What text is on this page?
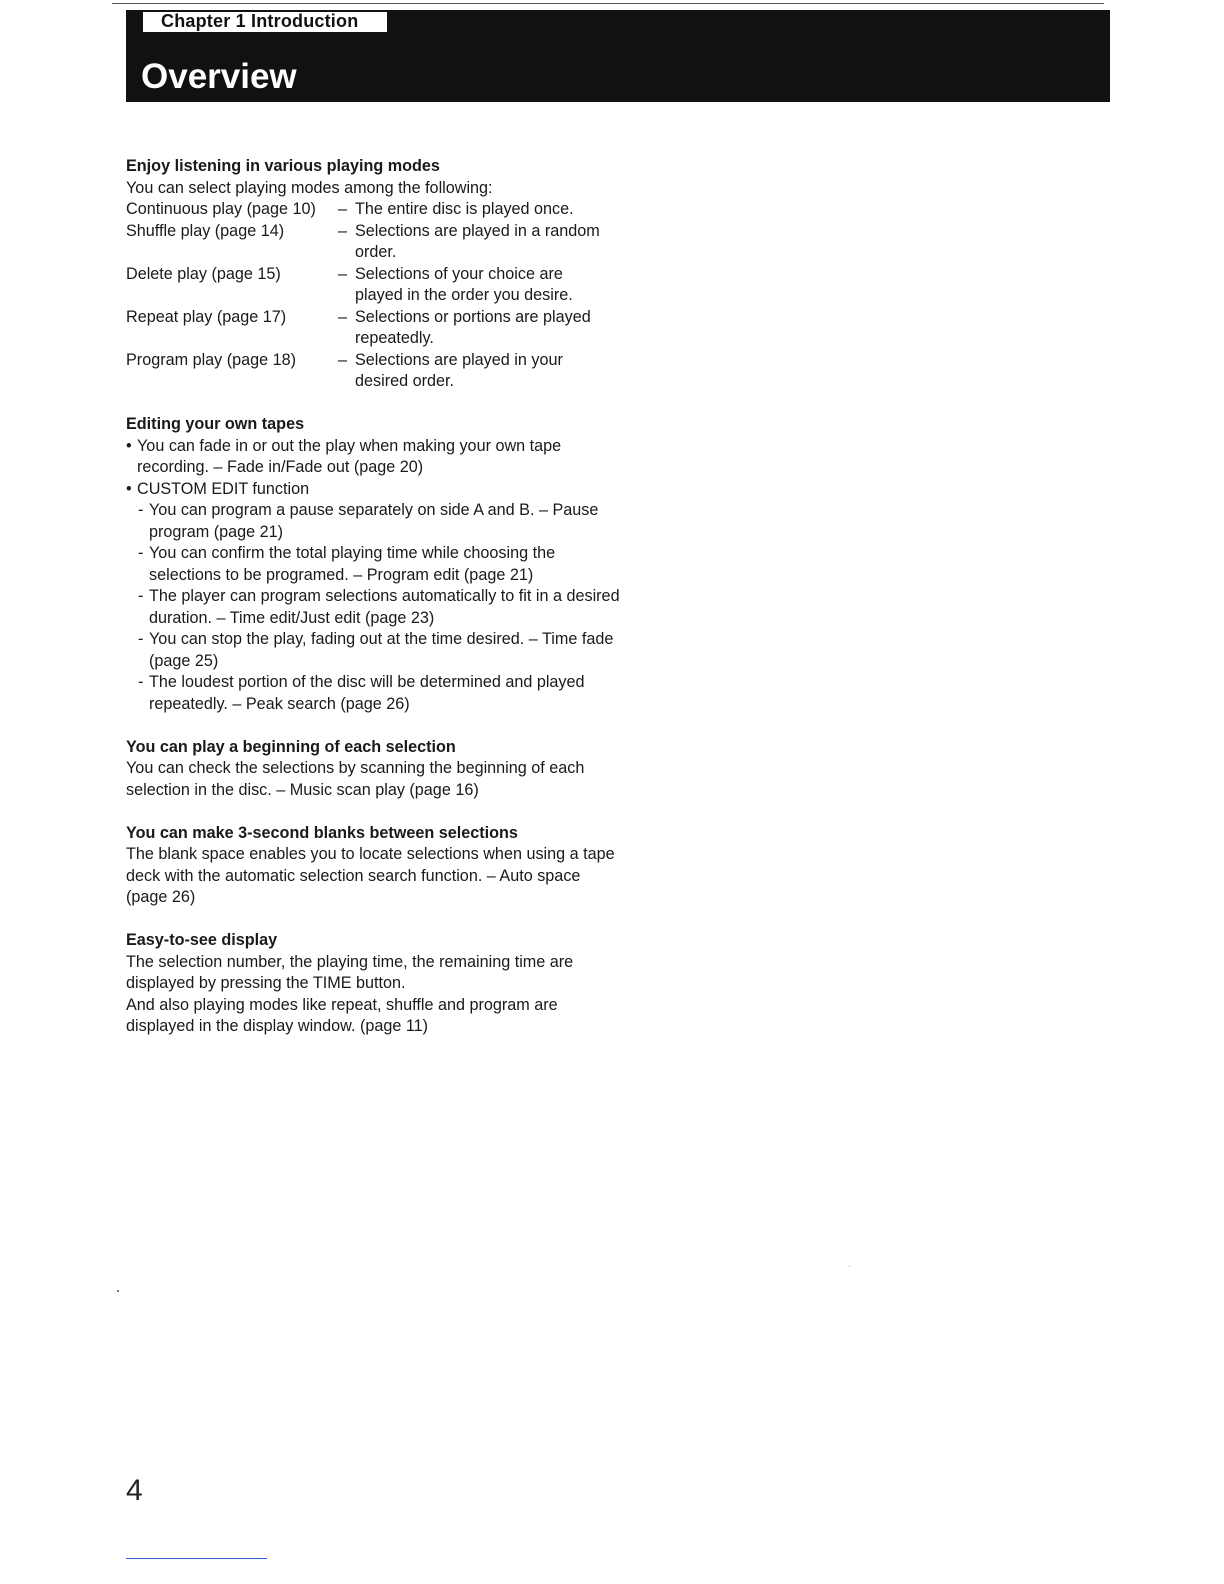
Chapter 1 Introduction
Overview
Enjoy listening in various playing modes
You can select playing modes among the following:
Continuous play (page 10)	– The entire disc is played once.
Shuffle play (page 14)	– Selections are played in a random order.
Delete play (page 15)	– Selections of your choice are played in the order you desire.
Repeat play (page 17)	– Selections or portions are played repeatedly.
Program play (page 18)	– Selections are played in your desired order.
Editing your own tapes
• You can fade in or out the play when making your own tape recording. – Fade in/Fade out (page 20)
• CUSTOM EDIT function
- You can program a pause separately on side A and B. – Pause program (page 21)
- You can confirm the total playing time while choosing the selections to be programed. – Program edit (page 21)
- The player can program selections automatically to fit in a desired duration. – Time edit/Just edit (page 23)
- You can stop the play, fading out at the time desired. – Time fade (page 25)
- The loudest portion of the disc will be determined and played repeatedly. – Peak search (page 26)
You can play a beginning of each selection
You can check the selections by scanning the beginning of each selection in the disc. – Music scan play (page 16)
You can make 3-second blanks between selections
The blank space enables you to locate selections when using a tape deck with the automatic selection search function. – Auto space (page 26)
Easy-to-see display
The selection number, the playing time, the remaining time are displayed by pressing the TIME button.
And also playing modes like repeat, shuffle and program are displayed in the display window. (page 11)
4
